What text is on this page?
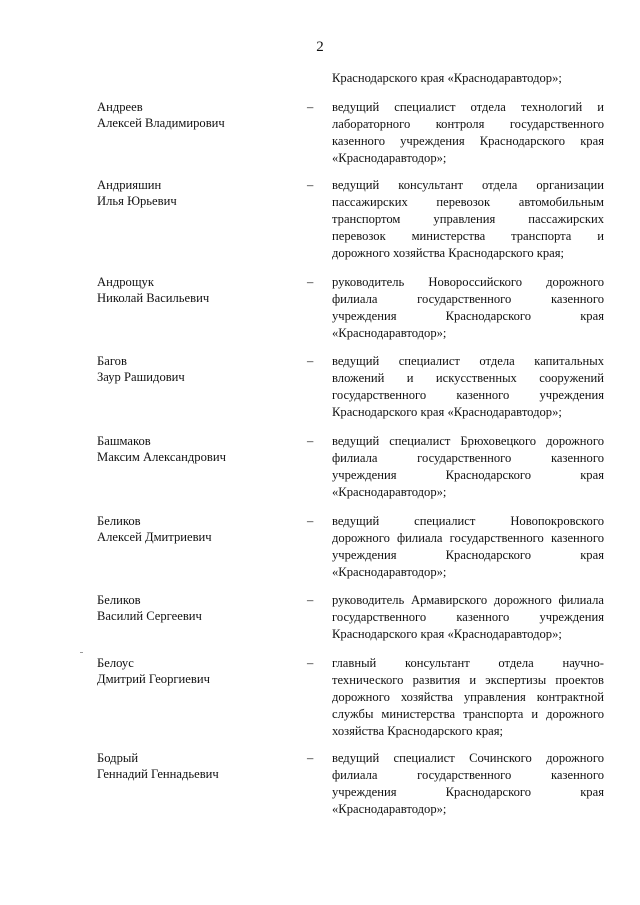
2
Краснодарского края «Краснодаравтодор»;
Андреев
Алексей Владимирович
– ведущий специалист отдела технологий и
лабораторного контроля государственного
казенного учреждения Краснодарского края
«Краснодаравтодор»;
Андрияшин
Илья Юрьевич
– ведущий консультант отдела организации
пассажирских перевозок автомобильным
транспортом управления пассажирских
перевозок министерства транспорта и
дорожного хозяйства Краснодарского края;
Андрощук
Николай Васильевич
– руководитель Новороссийского дорожного
филиала государственного казенного
учреждения Краснодарского края
«Краснодаравтодор»;
Багов
Заур Рашидович
– ведущий специалист отдела капитальных
вложений и искусственных сооружений
государственного казенного учреждения
Краснодарского края «Краснодаравтодор»;
Башмаков
Максим Александрович
– ведущий специалист Брюховецкого дорожного
филиала государственного казенного
учреждения Краснодарского края
«Краснодаравтодор»;
Беликов
Алексей Дмитриевич
– ведущий специалист Новопокровского
дорожного филиала государственного казенного
учреждения Краснодарского края
«Краснодаравтодор»;
Беликов
Василий Сергеевич
– руководитель Армавирского дорожного филиала
государственного казенного учреждения
Краснодарского края «Краснодаравтодор»;
Белоус
Дмитрий Георгиевич
– главный консультант отдела научно-
технического развития и экспертизы проектов
дорожного хозяйства управления контрактной
службы министерства транспорта и дорожного
хозяйства Краснодарского края;
Бодрый
Геннадий Геннадьевич
– ведущий специалист Сочинского дорожного
филиала государственного казенного
учреждения Краснодарского края
«Краснодаравтодор»;
